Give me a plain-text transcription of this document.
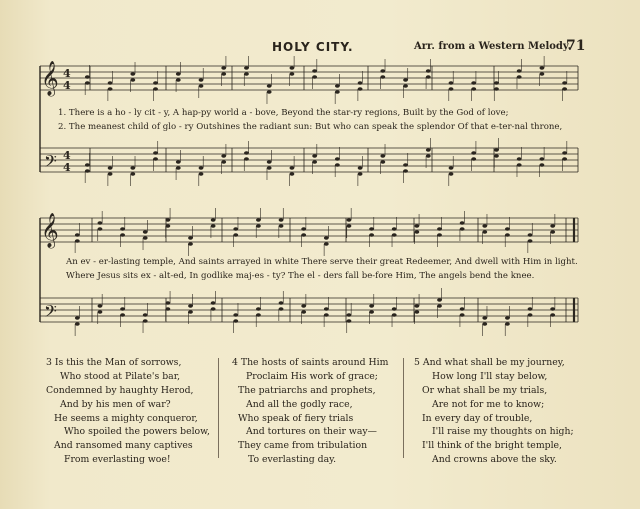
HOLY CITY.	Arr. from a Western Melody.
71
𝄞
𝄢
4
4
4
4
𝄞
𝄢
1. There is a ho - ly cit - y, A hap-py world a - bove, Beyond the star-ry regions, Built by the God of love;
2. The meanest child of glo - ry Outshines the radiant sun: But who can speak the splendor Of that e-ter-nal throne,
An ev - er-lasting temple, And saints arrayed in white There serve their great Redeemer, And dwell with Him in light.
Where Jesus sits ex - alt-ed, In godlike maj-es - ty? The el - ders fall be-fore Him, The angels bend the knee.
3 Is this the Man of sorrows,
Who stood at Pilate's bar,
Condemned by haughty Herod,
And by his men of war?
He seems a mighty conqueror,
Who spoiled the powers below,
And ransomed many captives
From everlasting woe!
4 The hosts of saints around Him
Proclaim His work of grace;
The patriarchs and prophets,
And all the godly race,
Who speak of fiery trials
And tortures on their way—
They came from tribulation
To everlasting day.
5 And what shall be my journey,
How long I'll stay below,
Or what shall be my trials,
Are not for me to know;
In every day of trouble,
I'll raise my thoughts on high;
I'll think of the bright temple,
And crowns above the sky.
